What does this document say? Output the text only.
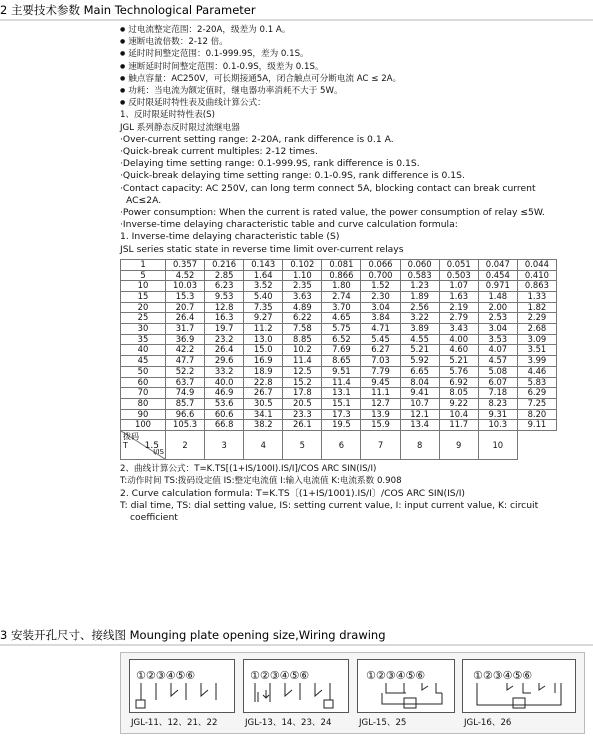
2 主要技术参数 Main Technological Parameter
● 过电流整定范围：2-20A，级差为 0.1 A。
● 速断电流倍数：2-12 倍。
● 延时时间整定范围：0.1-999.9S，差为 0.1S。
● 速断延时时间整定范围：0.1-0.9S，级差为 0.1S。
● 触点容量：AC250V，可长期接通5A，闭合触点可分断电流 AC ≤ 2A。
● 功耗：当电流为额定值时，继电器功率消耗不大于 5W。
● 反时限延时特性表及曲线计算公式：
1、反时限延时特性表(S)
JGL 系列静态反时限过流继电器
·Over-current setting range: 2-20A, rank difference is 0.1 A.
·Quick-break current multiples: 2-12 times.
·Delaying time setting range: 0.1-999.9S, rank difference is 0.1S.
·Quick-break delaying time setting range: 0.1-0.9S, rank difference is 0.1S.
·Contact capacity: AC 250V, can long term connect 5A, blocking contact can break current
AC≤2A.
·Power consumption: When the current is rated value, the power consumption of relay ≤5W.
·Inverse-time delaying characteristic table and curve calculation formula:
1. Inverse-time delaying characteristic table (S)
JSL series static state in reverse time limit over-current relays
1	0.357	0.216	0.143	0.102	0.081	0.066	0.060	0.051	0.047	0.044
5	4.52	2.85	1.64	1.10	0.866	0.700	0.583	0.503	0.454	0.410
10	10.03	6.23	3.52	2.35	1.80	1.52	1.23	1.07	0.971	0.863
15	15.3	9.53	5.40	3.63	2.74	2.30	1.89	1.63	1.48	1.33
20	20.7	12.8	7.35	4.89	3.70	3.04	2.56	2.19	2.00	1.82
25	26.4	16.3	9.27	6.22	4.65	3.84	3.22	2.79	2.53	2.29
30	31.7	19.7	11.2	7.58	5.75	4.71	3.89	3.43	3.04	2.68
35	36.9	23.2	13.0	8.85	6.52	5.45	4.55	4.00	3.53	3.09
40	42.2	26.4	15.0	10.2	7.69	6.27	5.21	4.60	4.07	3.51
45	47.7	29.6	16.9	11.4	8.65	7.03	5.92	5.21	4.57	3.99
50	52.2	33.2	18.9	12.5	9.51	7.79	6.65	5.76	5.08	4.46
60	63.7	40.0	22.8	15.2	11.4	9.45	8.04	6.92	6.07	5.83
70	74.9	46.9	26.7	17.8	13.1	11.1	9.41	8.05	7.18	6.29
80	85.7	53.6	30.5	20.5	15.1	12.7	10.7	9.22	8.23	7.25
90	96.6	60.6	34.1	23.3	17.3	13.9	12.1	10.4	9.31	8.20
100	105.3	66.8	38.2	26.1	19.5	15.9	13.4	11.7	10.3	9.11

拨码
T
I/IS
1.5	2	3	4	5	6	7	8	9	10	
2、曲线计算公式：T=K.TS[(1+IS/100I).IS/I]/COS ARC SIN(IS/I)
T:动作时间 TS:拨码设定值 IS:整定电流值 I:输入电流值 K:电流系数 0.908
2. Curve calculation formula: T=K.TS〔(1+IS/1001).IS/I〕/COS ARC SIN(IS/I)
T: dial time, TS: dial setting value, IS: setting current value, I: input current value, K: circuit
coefficient
3 安装开孔尺寸、接线图 Mounging plate opening size,Wiring drawing
①②③④⑤⑥	①②③④⑤⑥	①②③④⑤⑥	①②③④⑤⑥
JGL-11、12、21、22	JGL-13、14、23、24	JGL-15、25	JGL-16、26
